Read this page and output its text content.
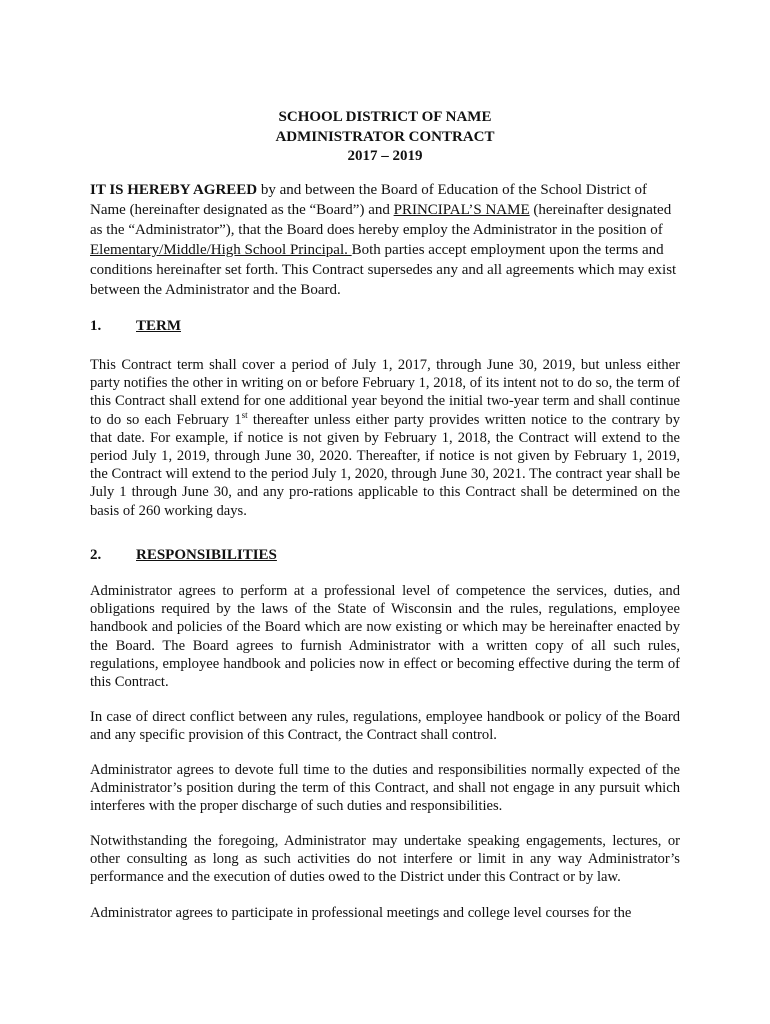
SCHOOL DISTRICT OF NAME
ADMINISTRATOR CONTRACT
2017 – 2019

IT IS HEREBY AGREED by and between the Board of Education of the School District of Name (hereinafter designated as the “Board”) and PRINCIPAL’S NAME (hereinafter designated as the “Administrator”), that the Board does hereby employ the Administrator in the position of Elementary/Middle/High School Principal. Both parties accept employment upon the terms and conditions hereinafter set forth. This Contract supersedes any and all agreements which may exist between the Administrator and the Board.

1. TERM

This Contract term shall cover a period of July 1, 2017, through June 30, 2019, but unless either party notifies the other in writing on or before February 1, 2018, of its intent not to do so, the term of this Contract shall extend for one additional year beyond the initial two-year term and shall continue to do so each February 1st thereafter unless either party provides written notice to the contrary by that date. For example, if notice is not given by February 1, 2018, the Contract will extend to the period July 1, 2019, through June 30, 2020. Thereafter, if notice is not given by February 1, 2019, the Contract will extend to the period July 1, 2020, through June 30, 2021. The contract year shall be July 1 through June 30, and any pro-rations applicable to this Contract shall be determined on the basis of 260 working days.

2. RESPONSIBILITIES

Administrator agrees to perform at a professional level of competence the services, duties, and obligations required by the laws of the State of Wisconsin and the rules, regulations, employee handbook and policies of the Board which are now existing or which may be hereinafter enacted by the Board. The Board agrees to furnish Administrator with a written copy of all such rules, regulations, employee handbook and policies now in effect or becoming effective during the term of this Contract.

In case of direct conflict between any rules, regulations, employee handbook or policy of the Board and any specific provision of this Contract, the Contract shall control.

Administrator agrees to devote full time to the duties and responsibilities normally expected of the Administrator’s position during the term of this Contract, and shall not engage in any pursuit which interferes with the proper discharge of such duties and responsibilities.

Notwithstanding the foregoing, Administrator may undertake speaking engagements, lectures, or other consulting as long as such activities do not interfere or limit in any way Administrator’s performance and the execution of duties owed to the District under this Contract or by law.

Administrator agrees to participate in professional meetings and college level courses for the
